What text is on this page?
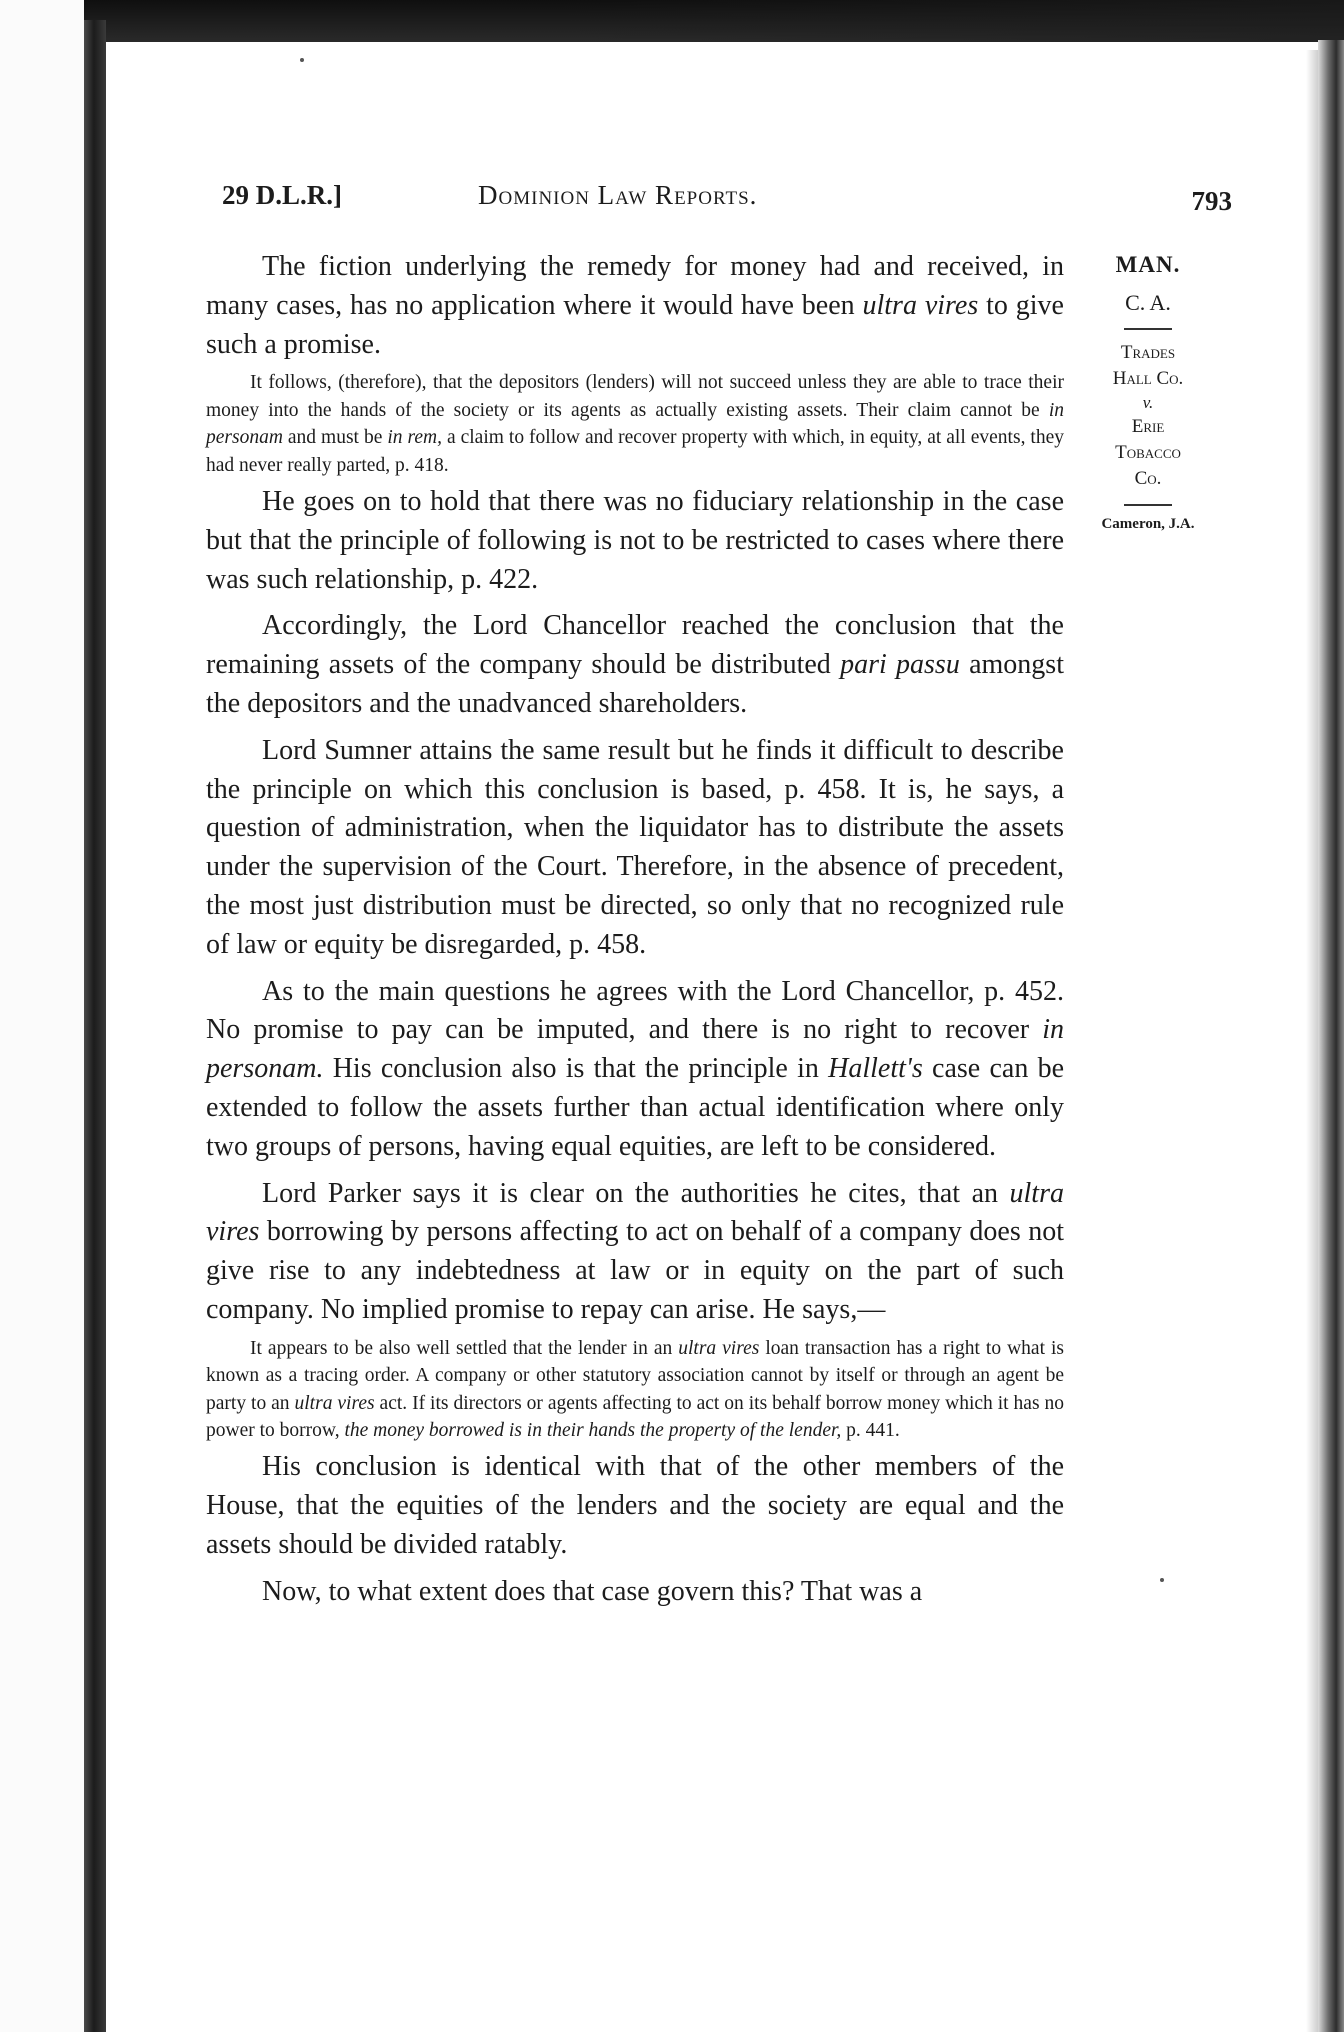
29 D.L.R.]	Dominion Law Reports.	793
MAN.
C. A.
Trades
Hall Co.
v.
Erie
Tobacco
Co.
Cameron, J.A.

The fiction underlying the remedy for money had and received, in many cases, has no application where it would have been ultra vires to give such a promise.

It follows, (therefore), that the depositors (lenders) will not succeed unless they are able to trace their money into the hands of the society or its agents as actually existing assets. Their claim cannot be in personam and must be in rem, a claim to follow and recover property with which, in equity, at all events, they had never really parted, p. 418.

He goes on to hold that there was no fiduciary relationship in the case but that the principle of following is not to be restricted to cases where there was such relationship, p. 422.

Accordingly, the Lord Chancellor reached the conclusion that the remaining assets of the company should be distributed pari passu amongst the depositors and the unadvanced shareholders.

Lord Sumner attains the same result but he finds it difficult to describe the principle on which this conclusion is based, p. 458. It is, he says, a question of administration, when the liquidator has to distribute the assets under the supervision of the Court. Therefore, in the absence of precedent, the most just distribution must be directed, so only that no recognized rule of law or equity be disregarded, p. 458.

As to the main questions he agrees with the Lord Chancellor, p. 452. No promise to pay can be imputed, and there is no right to recover in personam. His conclusion also is that the principle in Hallett's case can be extended to follow the assets further than actual identification where only two groups of persons, having equal equities, are left to be considered.

Lord Parker says it is clear on the authorities he cites, that an ultra vires borrowing by persons affecting to act on behalf of a company does not give rise to any indebtedness at law or in equity on the part of such company. No implied promise to repay can arise. He says,—

It appears to be also well settled that the lender in an ultra vires loan transaction has a right to what is known as a tracing order. A company or other statutory association cannot by itself or through an agent be party to an ultra vires act. If its directors or agents affecting to act on its behalf borrow money which it has no power to borrow, the money borrowed is in their hands the property of the lender, p. 441.

His conclusion is identical with that of the other members of the House, that the equities of the lenders and the society are equal and the assets should be divided ratably.

Now, to what extent does that case govern this? That was a
